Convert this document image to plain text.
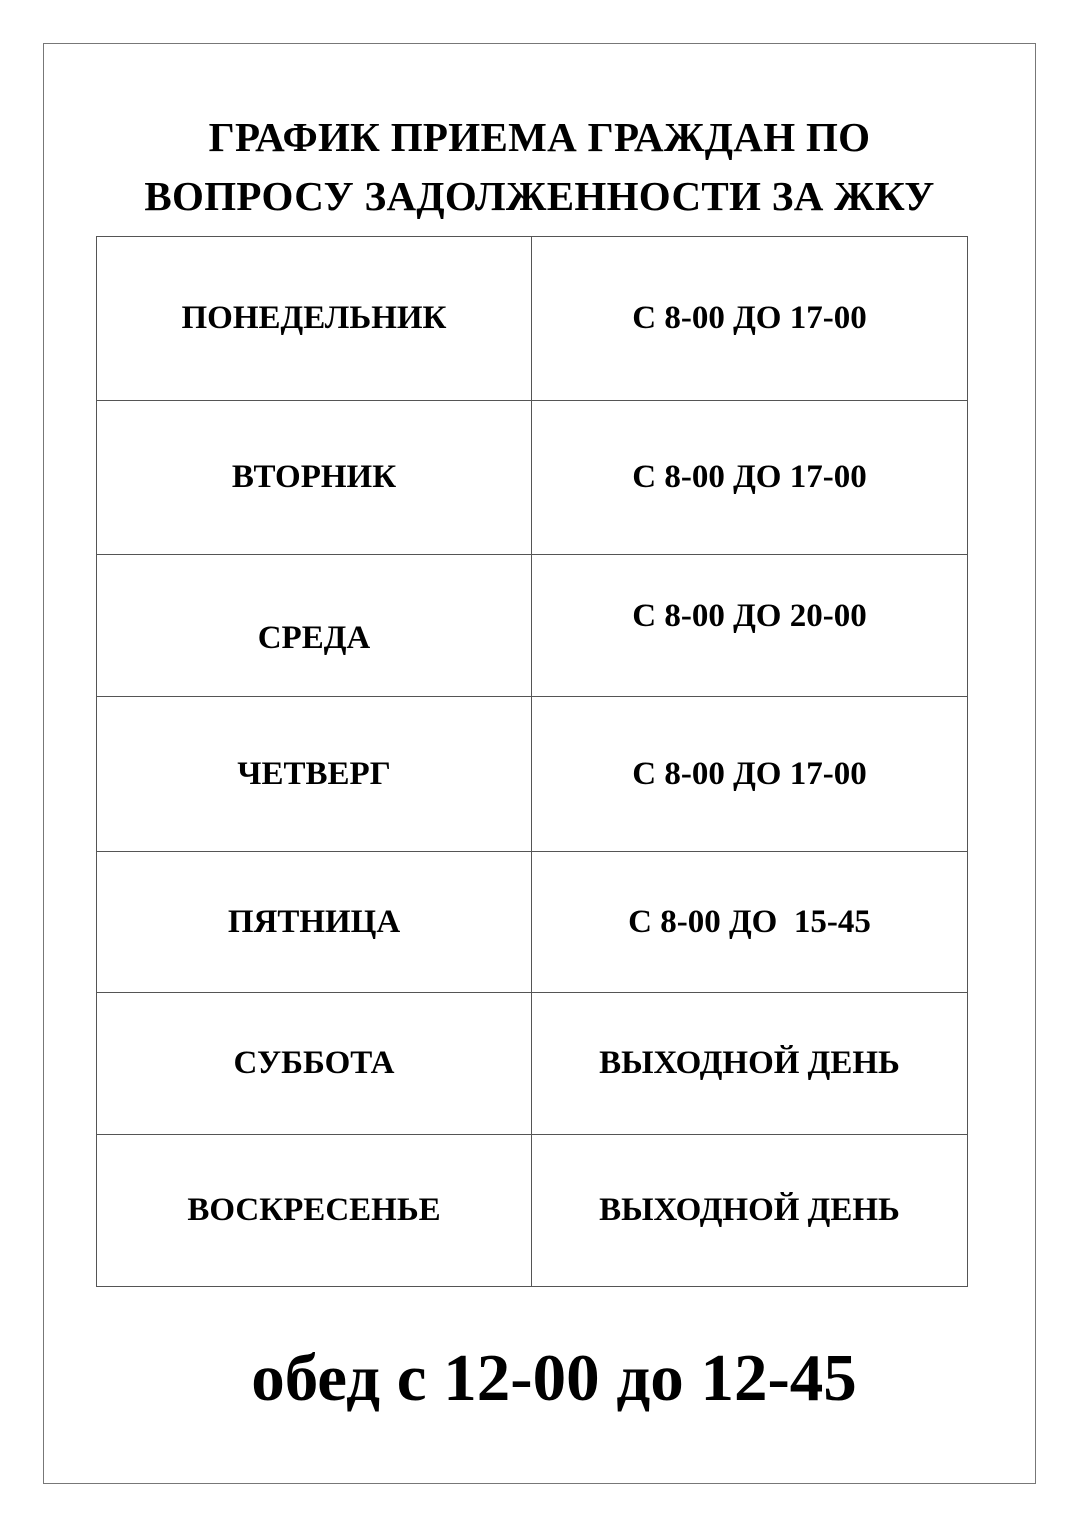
ГРАФИК ПРИЕМА ГРАЖДАН ПО
ВОПРОСУ ЗАДОЛЖЕННОСТИ ЗА ЖКУ
ПОНЕДЕЛЬНИК	С 8-00 ДО 17-00
ВТОРНИК	С 8-00 ДО 17-00
СРЕДА	С 8-00 ДО 20-00
ЧЕТВЕРГ	С 8-00 ДО 17-00
ПЯТНИЦА	С 8-00 ДО  15-45
СУББОТА	ВЫХОДНОЙ ДЕНЬ
ВОСКРЕСЕНЬЕ	ВЫХОДНОЙ ДЕНЬ
обед с 12-00 до 12-45
